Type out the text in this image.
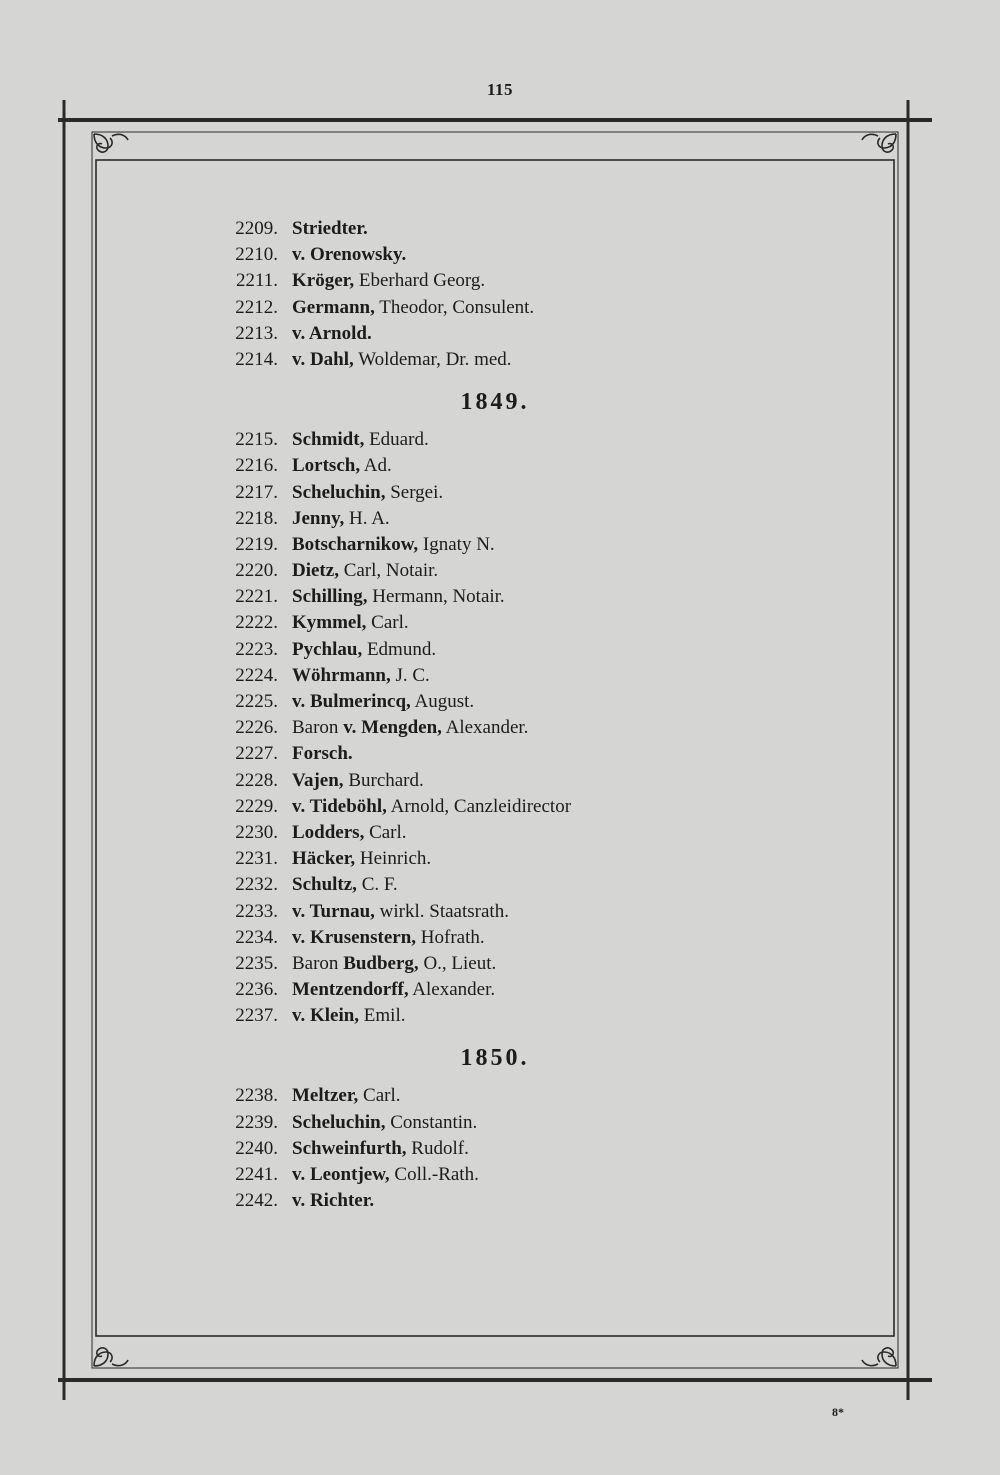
115
2209. Striedter.
2210. v. Orenowsky.
2211. Kröger, Eberhard Georg.
2212. Germann, Theodor, Consulent.
2213. v. Arnold.
2214. v. Dahl, Woldemar, Dr. med.
1849.
2215. Schmidt, Eduard.
2216. Lortsch, Ad.
2217. Scheluchin, Sergei.
2218. Jenny, H. A.
2219. Botscharnikow, Ignaty N.
2220. Dietz, Carl, Notair.
2221. Schilling, Hermann, Notair.
2222. Kymmel, Carl.
2223. Pychlau, Edmund.
2224. Wöhrmann, J. C.
2225. v. Bulmerincq, August.
2226. Baron v. Mengden, Alexander.
2227. Forsch.
2228. Vajen, Burchard.
2229. v. Tideböhl, Arnold, Canzleidirector
2230. Lodders, Carl.
2231. Häcker, Heinrich.
2232. Schultz, C. F.
2233. v. Turnau, wirkl. Staatsrath.
2234. v. Krusenstern, Hofrath.
2235. Baron Budberg, O., Lieut.
2236. Mentzendorff, Alexander.
2237. v. Klein, Emil.
1850.
2238. Meltzer, Carl.
2239. Scheluchin, Constantin.
2240. Schweinfurth, Rudolf.
2241. v. Leontjew, Coll.-Rath.
2242. v. Richter.
8*
